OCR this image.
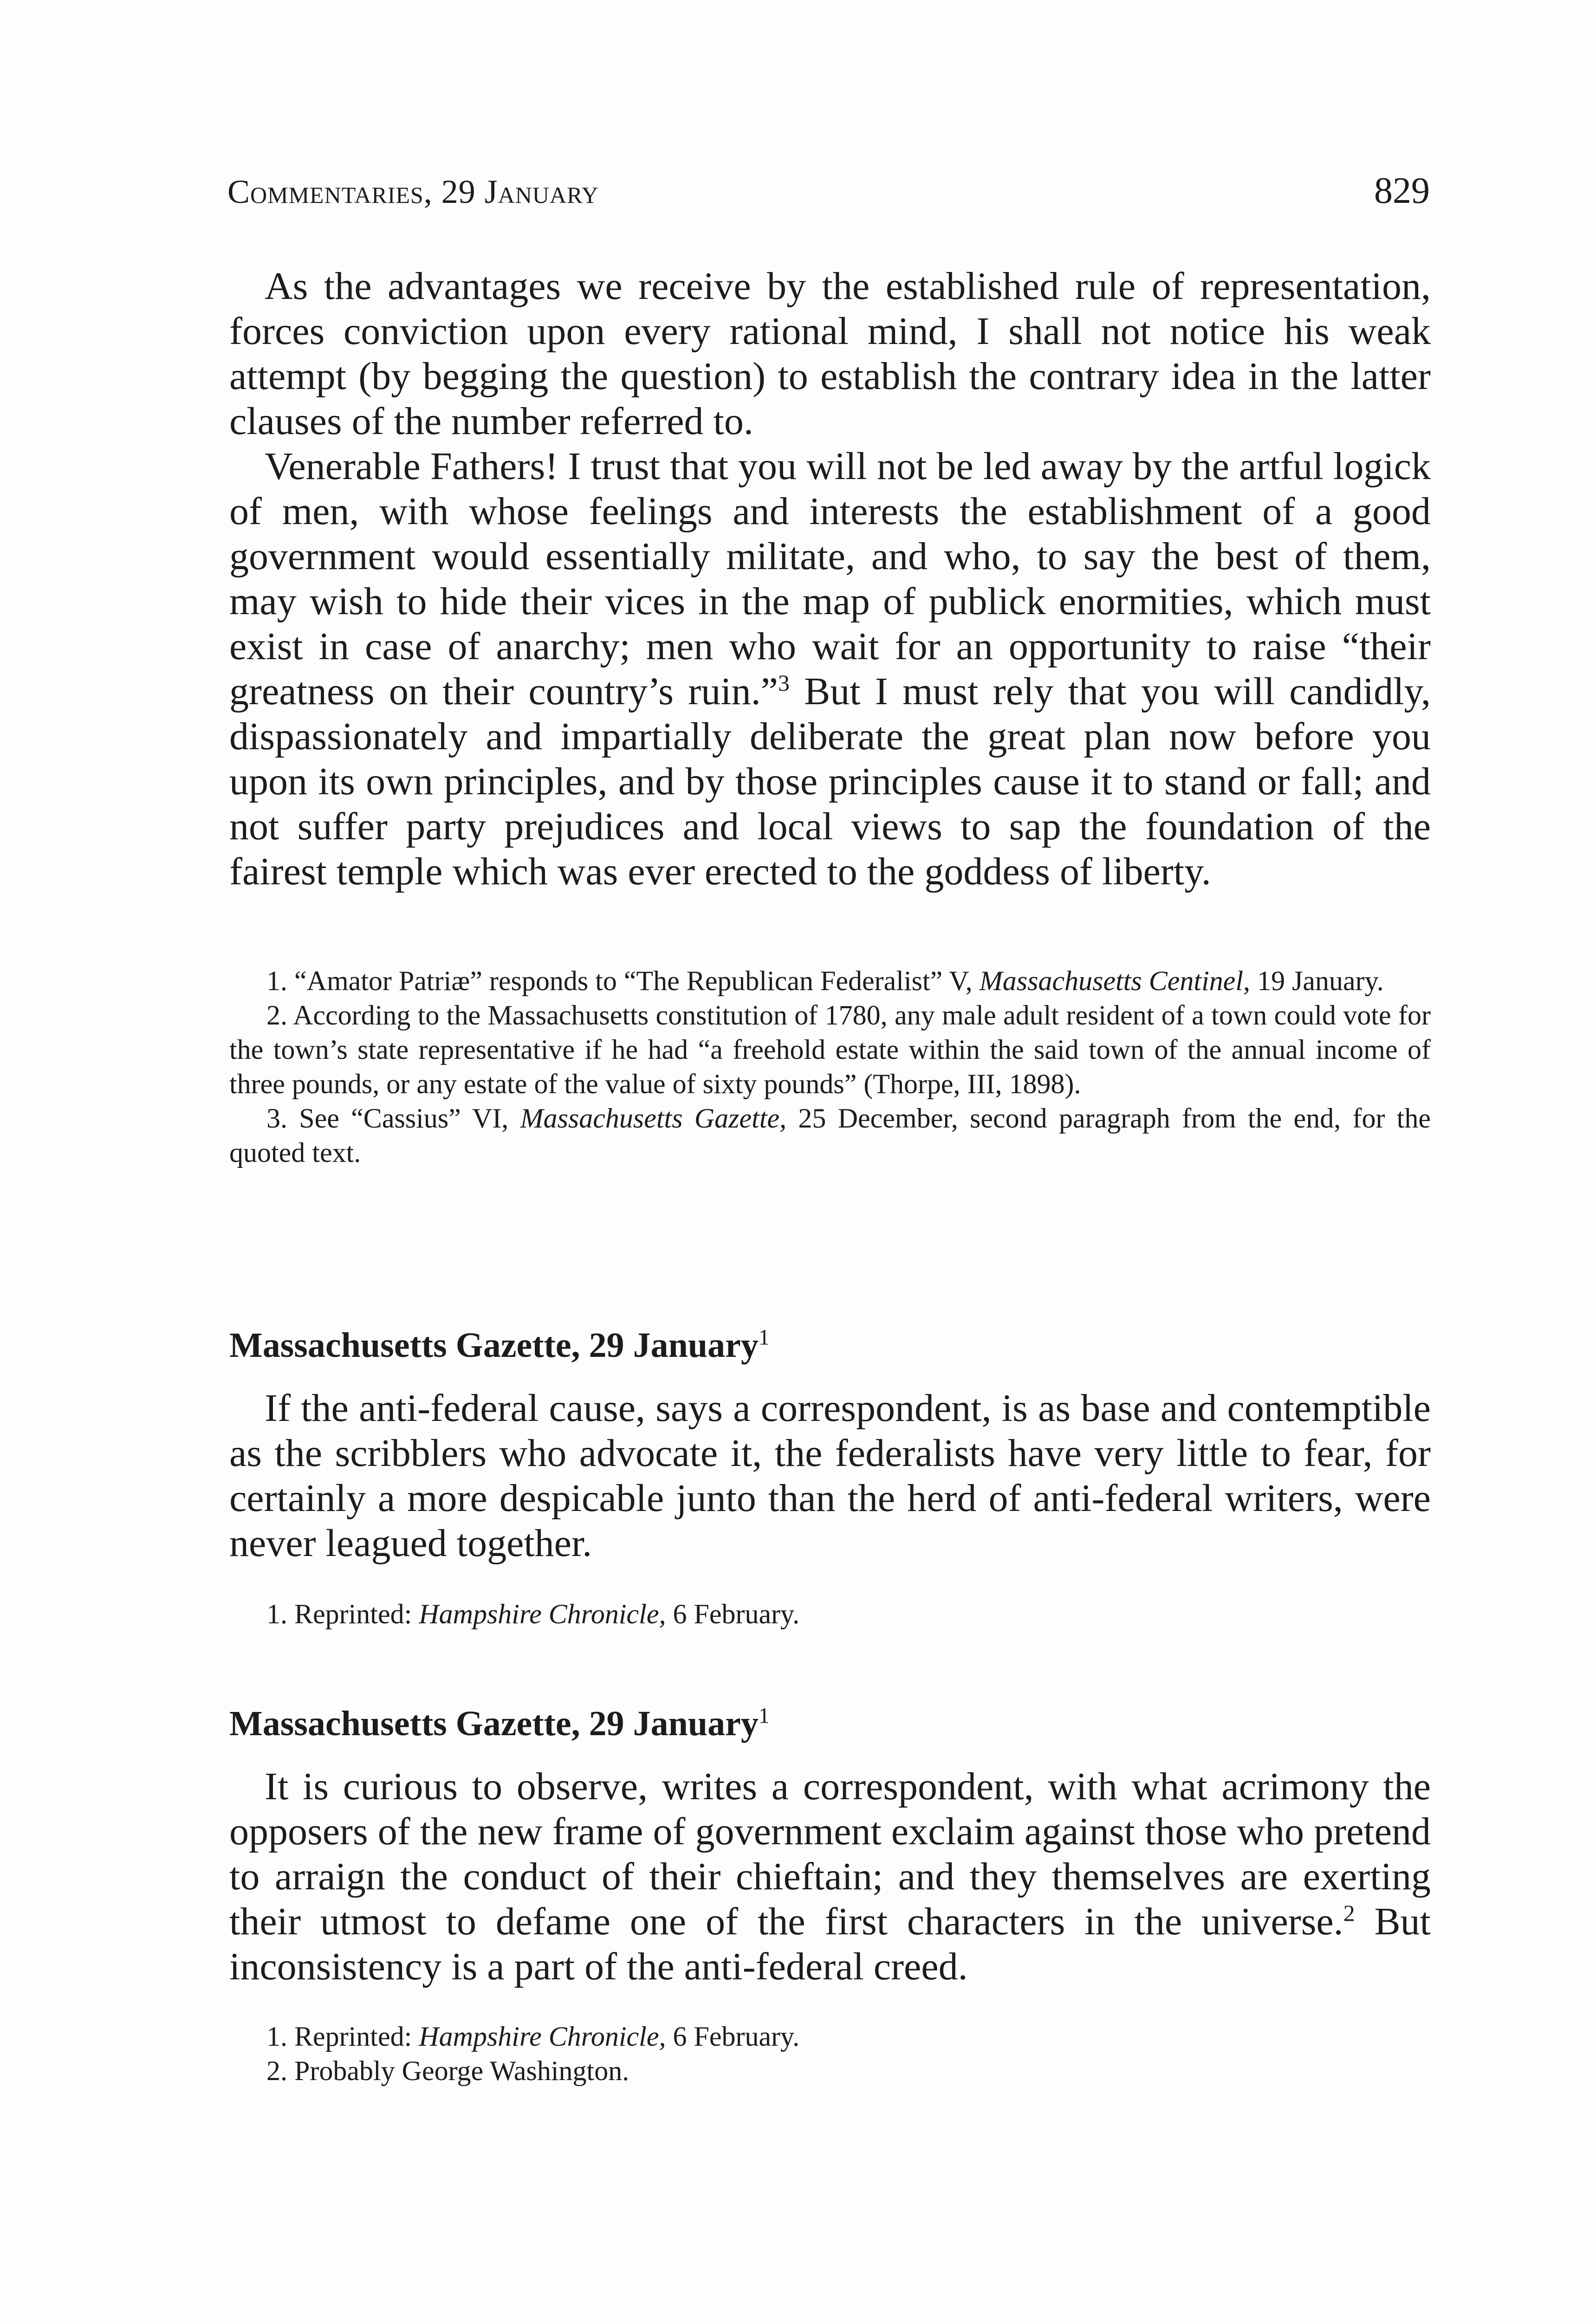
Commentaries, 29 January	829

As the advantages we receive by the established rule of representation, forces conviction upon every rational mind, I shall not notice his weak attempt (by begging the question) to establish the contrary idea in the latter clauses of the number referred to.

Venerable Fathers! I trust that you will not be led away by the artful logick of men, with whose feelings and interests the establishment of a good government would essentially militate, and who, to say the best of them, may wish to hide their vices in the map of publick enormities, which must exist in case of anarchy; men who wait for an opportunity to raise “their greatness on their country’s ruin.”$^3$ But I must rely that you will candidly, dispassionately and impartially deliberate the great plan now before you upon its own principles, and by those principles cause it to stand or fall; and not suffer party prejudices and local views to sap the foundation of the fairest temple which was ever erected to the goddess of liberty.

1. “Amator Patriæ” responds to “The Republican Federalist” V, Massachusetts Centinel, 19 January.

2. According to the Massachusetts constitution of 1780, any male adult resident of a town could vote for the town’s state representative if he had “a freehold estate within the said town of the annual income of three pounds, or any estate of the value of sixty pounds” (Thorpe, III, 1898).

3. See “Cassius” VI, Massachusetts Gazette, 25 December, second paragraph from the end, for the quoted text.

Massachusetts Gazette, 29 January$^1$

If the anti-federal cause, says a correspondent, is as base and contemptible as the scribblers who advocate it, the federalists have very little to fear, for certainly a more despicable junto than the herd of anti-federal writers, were never leagued together.

1. Reprinted: Hampshire Chronicle, 6 February.

Massachusetts Gazette, 29 January$^1$

It is curious to observe, writes a correspondent, with what acrimony the opposers of the new frame of government exclaim against those who pretend to arraign the conduct of their chieftain; and they themselves are exerting their utmost to defame one of the first characters in the universe.$^2$ But inconsistency is a part of the anti-federal creed.

1. Reprinted: Hampshire Chronicle, 6 February.

2. Probably George Washington.
